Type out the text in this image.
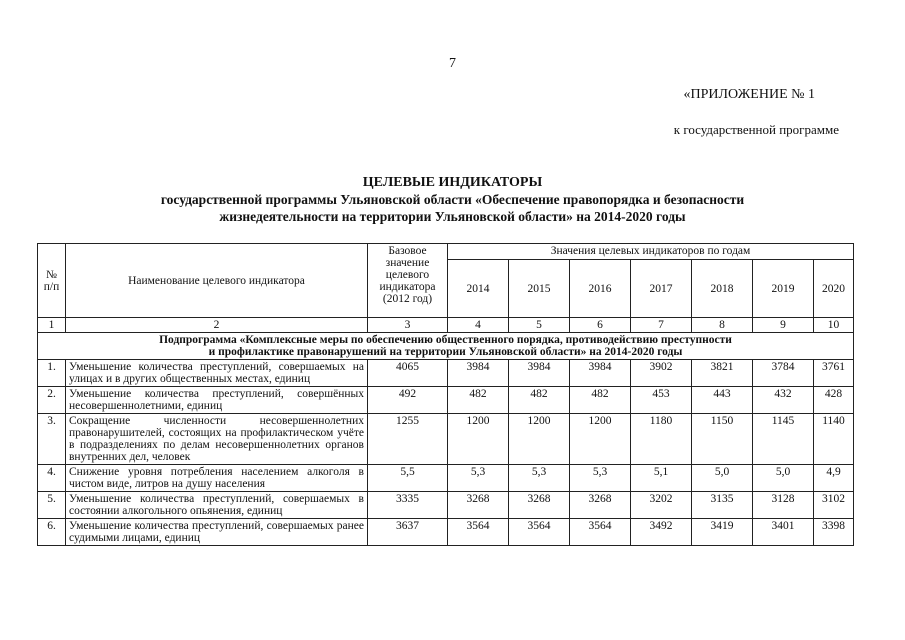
7
«ПРИЛОЖЕНИЕ № 1
к государственной программе
ЦЕЛЕВЫЕ ИНДИКАТОРЫ
государственной программы Ульяновской области «Обеспечение правопорядка и безопасности
жизнедеятельности на территории Ульяновской области» на 2014-2020 годы
№ п/п	Наименование целевого индикатора	Базовое значение целевого индикатора (2012 год)	Значения целевых индикаторов по годам						
			2014	2015	2016	2017	2018	2019	2020
1	2	3	4	5	6	7	8	9	10

Подпрограмма «Комплексные меры по обеспечению общественного порядка, противодействию преступности
и профилактике правонарушений на территории Ульяновской области» на 2014-2020 годы									

1.	Уменьшение количества преступлений, совершаемых на улицах и в других общественных местах, единиц	4065	3984	3984	3984	3902	3821	3784	3761
2.	Уменьшение количества преступлений, совершённых несовершеннолетними, единиц	492	482	482	482	453	443	432	428
3.	Сокращение численности несовершеннолетних правонарушителей, состоящих на профилактическом учёте в подразделениях по делам несовершеннолетних органов внутренних дел, человек	1255	1200	1200	1200	1180	1150	1145	1140
4.	Снижение уровня потребления населением алкоголя в чистом виде, литров на душу населения	5,5	5,3	5,3	5,3	5,1	5,0	5,0	4,9
5.	Уменьшение количества преступлений, совершаемых в состоянии алкогольного опьянения, единиц	3335	3268	3268	3268	3202	3135	3128	3102
6.	Уменьшение количества преступлений, совершаемых ранее судимыми лицами, единиц	3637	3564	3564	3564	3492	3419	3401	3398
